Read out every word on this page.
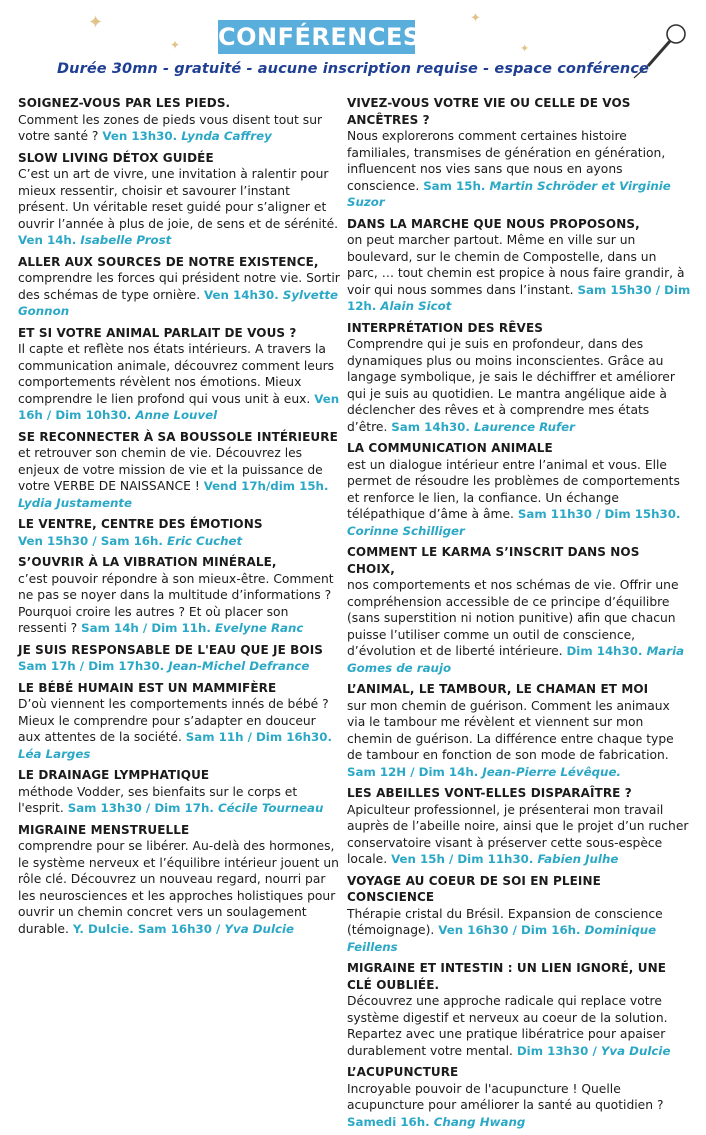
✦
✦
✦
✦
CONFÉRENCES
Durée 30mn - gratuité - aucune inscription requise - espace conférence
SOIGNEZ-VOUS PAR LES PIEDS.
Comment les zones de pieds vous disent tout sur votre santé ? Ven 13h30. Lynda Caffrey
SLOW LIVING DÉTOX GUIDÉE
C’est un art de vivre, une invitation à ralentir pour mieux ressentir, choisir et savourer l’instant présent. Un véritable reset guidé pour s’aligner et ouvrir l’année à plus de joie, de sens et de sérénité. Ven 14h. Isabelle Prost
ALLER AUX SOURCES DE NOTRE EXISTENCE,
comprendre les forces qui président notre vie. Sortir des schémas de type ornière. Ven 14h30. Sylvette Gonnon
ET SI VOTRE ANIMAL PARLAIT DE VOUS ?
Il capte et reflète nos états intérieurs. A travers la communication animale, découvrez comment leurs comportements révèlent nos émotions. Mieux comprendre le lien profond qui vous unit à eux. Ven 16h / Dim 10h30. Anne Louvel
SE RECONNECTER À SA BOUSSOLE INTÉRIEURE
et retrouver son chemin de vie. Découvrez les enjeux de votre mission de vie et la puissance de votre VERBE DE NAISSANCE ! Vend 17h/dim 15h. Lydia Justamente
LE VENTRE, CENTRE DES ÉMOTIONS
Ven 15h30 / Sam 16h. Eric Cuchet
S’OUVRIR À LA VIBRATION MINÉRALE,
c’est pouvoir répondre à son mieux-être. Comment ne pas se noyer dans la multitude d’informations ? Pourquoi croire les autres ? Et où placer son ressenti ? Sam 14h / Dim 11h. Evelyne Ranc
JE SUIS RESPONSABLE DE L'EAU QUE JE BOIS
Sam 17h / Dim 17h30. Jean-Michel Defrance
LE BÉBÉ HUMAIN EST UN MAMMIFÈRE
D’où viennent les comportements innés de bébé ? Mieux le comprendre pour s’adapter en douceur aux attentes de la société. Sam 11h / Dim 16h30. Léa Larges
LE DRAINAGE LYMPHATIQUE
méthode Vodder, ses bienfaits sur le corps et l'esprit. Sam 13h30 / Dim 17h. Cécile Tourneau
MIGRAINE MENSTRUELLE
comprendre pour se libérer. Au-delà des hormones, le système nerveux et l’équilibre intérieur jouent un rôle clé. Découvrez un nouveau regard, nourri par les neurosciences et les approches holistiques pour ouvrir un chemin concret vers un soulagement durable. Y. Dulcie. Sam 16h30 / Yva Dulcie
VIVEZ-VOUS VOTRE VIE OU CELLE DE VOS ANCÊTRES ?
Nous explorerons comment certaines histoire familiales, transmises de génération en génération, influencent nos vies sans que nous en ayons conscience. Sam 15h. Martin Schröder et Virginie Suzor
DANS LA MARCHE QUE NOUS PROPOSONS,
on peut marcher partout. Même en ville sur un boulevard, sur le chemin de Compostelle, dans un parc, … tout chemin est propice à nous faire grandir, à voir qui nous sommes dans l’instant. Sam 15h30 / Dim 12h. Alain Sicot
INTERPRÉTATION DES RÊVES
Comprendre qui je suis en profondeur, dans des dynamiques plus ou moins inconscientes. Grâce au langage symbolique, je sais le déchiffrer et améliorer qui je suis au quotidien. Le mantra angélique aide à déclencher des rêves et à comprendre mes états d’être. Sam 14h30. Laurence Rufer
LA COMMUNICATION ANIMALE
est un dialogue intérieur entre l’animal et vous. Elle permet de résoudre les problèmes de comportements et renforce le lien, la confiance. Un échange télépathique d’âme à âme. Sam 11h30 / Dim 15h30. Corinne Schilliger
COMMENT LE KARMA S’INSCRIT DANS NOS CHOIX,
nos comportements et nos schémas de vie. Offrir une compréhension accessible de ce principe d’équilibre (sans superstition ni notion punitive) afin que chacun puisse l’utiliser comme un outil de conscience, d’évolution et de liberté intérieure. Dim 14h30. Maria Gomes de raujo
L’ANIMAL, LE TAMBOUR, LE CHAMAN ET MOI
sur mon chemin de guérison. Comment les animaux via le tambour me révèlent et viennent sur mon chemin de guérison. La différence entre chaque type de tambour en fonction de son mode de fabrication. Sam 12H / Dim 14h. Jean-Pierre Lévêque.
LES ABEILLES VONT-ELLES DISPARAÎTRE ?
Apiculteur professionnel, je présenterai mon travail auprès de l’abeille noire, ainsi que le projet d’un rucher conservatoire visant à préserver cette sous-espèce locale. Ven 15h / Dim 11h30. Fabien Julhe
VOYAGE AU COEUR DE SOI EN PLEINE CONSCIENCE
Thérapie cristal du Brésil. Expansion de conscience (témoignage). Ven 16h30 / Dim 16h. Dominique Feillens
MIGRAINE ET INTESTIN : UN LIEN IGNORÉ, UNE CLÉ OUBLIÉE.
Découvrez une approche radicale qui replace votre système digestif et nerveux au coeur de la solution. Repartez avec une pratique libératrice pour apaiser durablement votre mental. Dim 13h30 / Yva Dulcie
L’ACUPUNCTURE
Incroyable pouvoir de l'acupuncture ! Quelle acupuncture pour améliorer la santé au quotidien ? Samedi 16h. Chang Hwang
